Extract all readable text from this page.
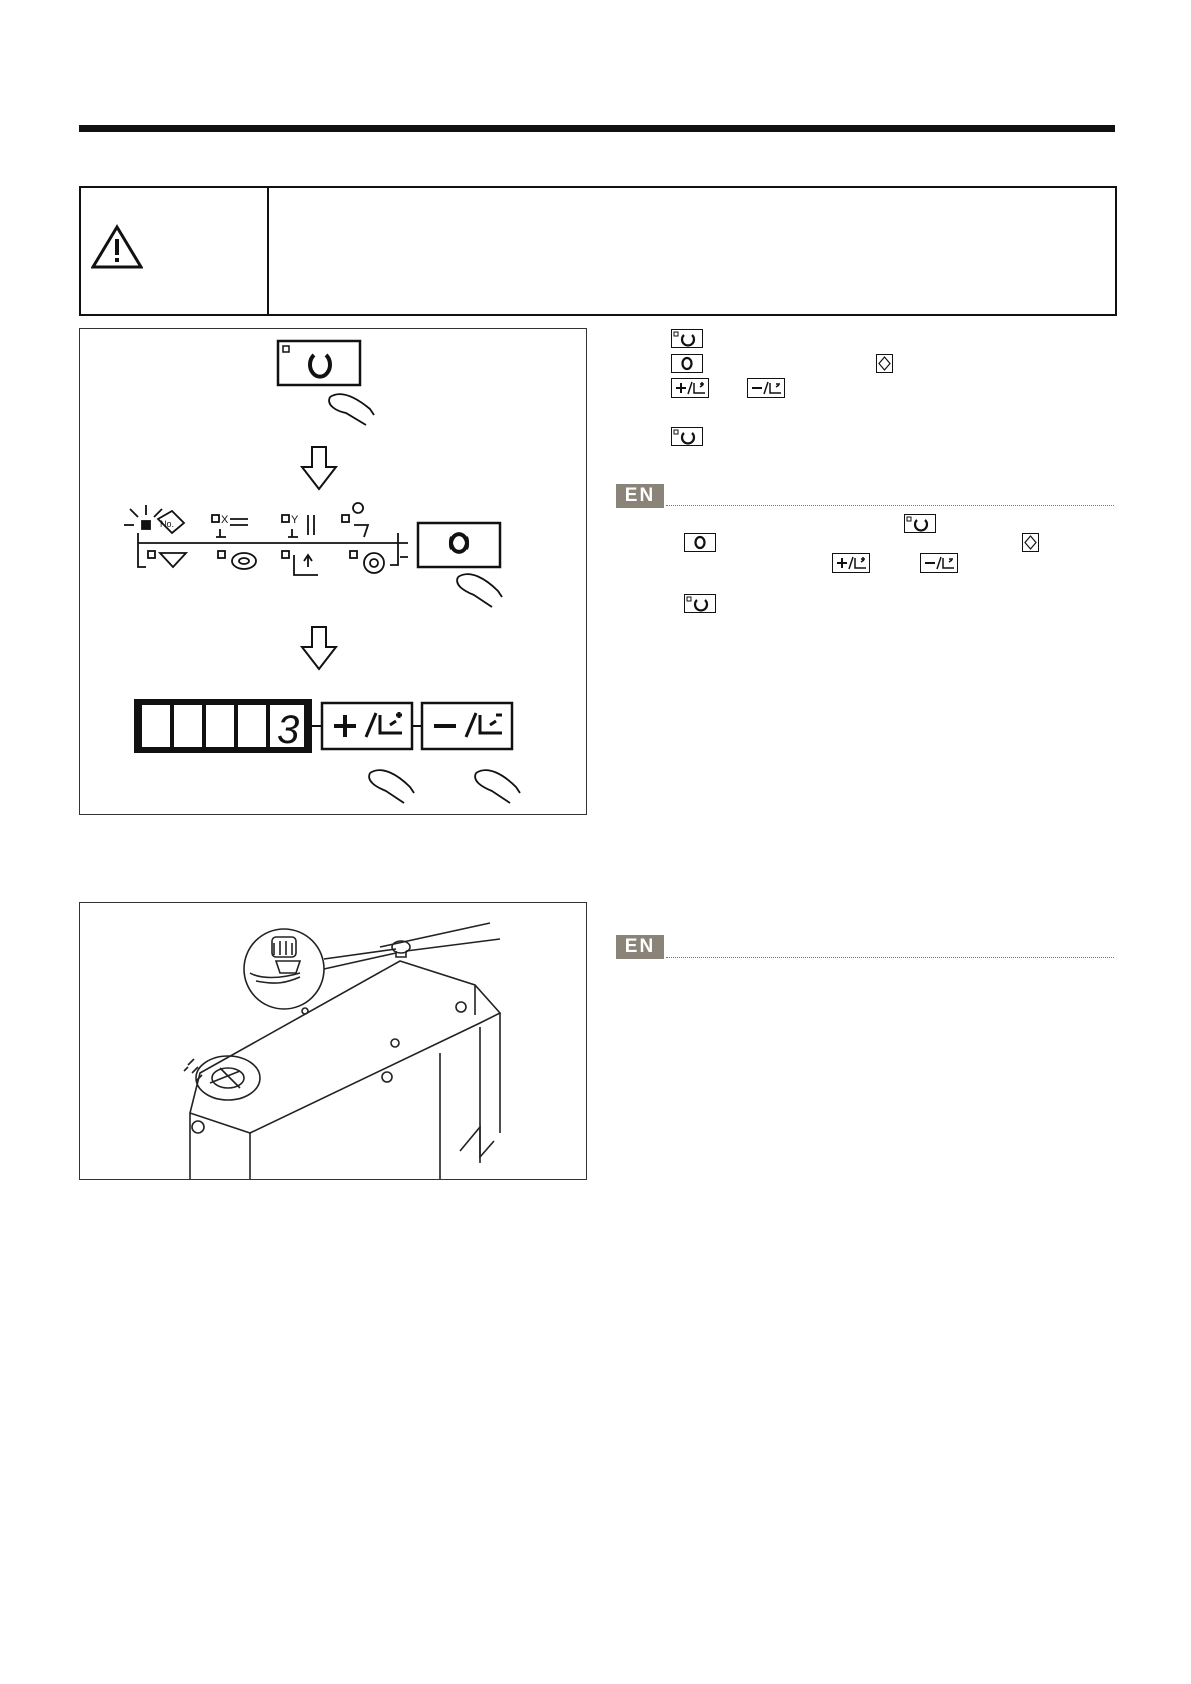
No.	X	Y
3
EN
EN
